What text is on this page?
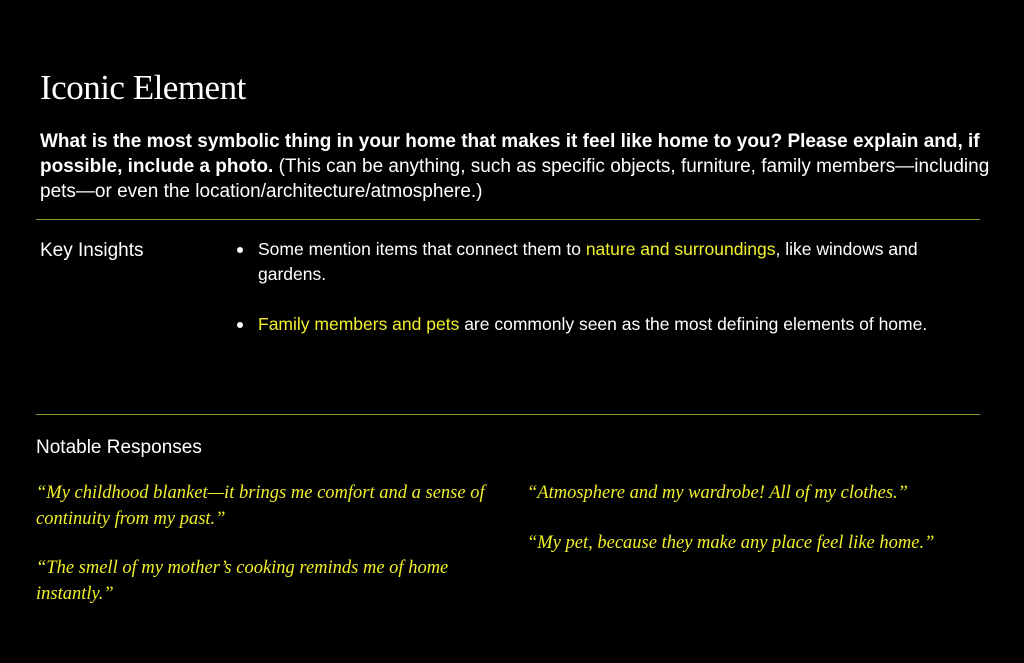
Iconic Element

What is the most symbolic thing in your home that makes it feel like home to you? Please explain and, if possible, include a photo. (This can be anything, such as specific objects, furniture, family members—including pets—or even the location/architecture/atmosphere.)

Key Insights	Some mention items that connect them to nature and surroundings, like windows and gardens.
Family members and pets are commonly seen as the most defining elements of home.
Notable Responses

“My childhood blanket—it brings me comfort and a sense of continuity from my past.”

“The smell of my mother’s cooking reminds me of home instantly.”

“Atmosphere and my wardrobe! All of my clothes.”

“My pet, because they make any place feel like home.”
